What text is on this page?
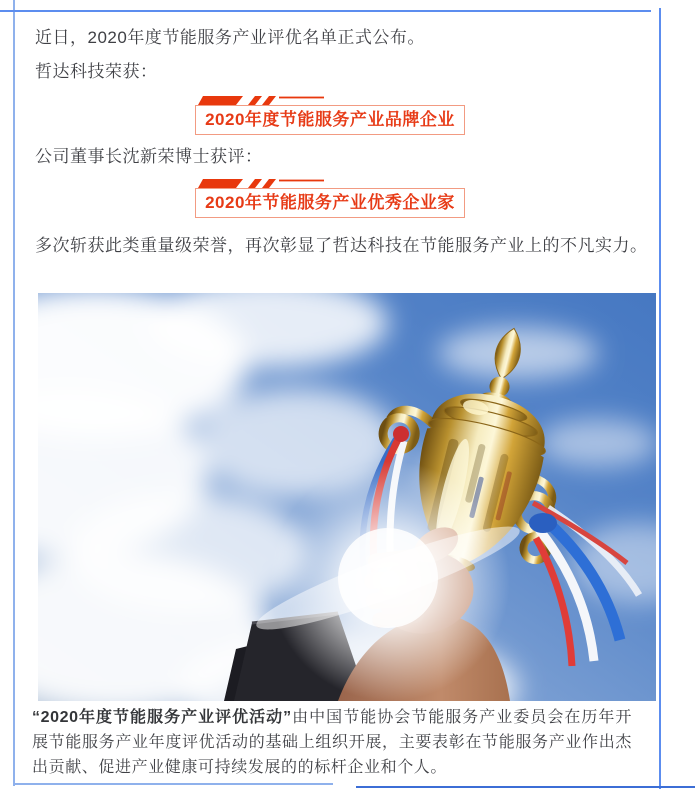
近日，2020年度节能服务产业评优名单正式公布。
哲达科技荣获：
2020年度节能服务产业品牌企业
公司董事长沈新荣博士获评：
2020年节能服务产业优秀企业家
多次斩获此类重量级荣誉，再次彰显了哲达科技在节能服务产业上的不凡实力。
“2020年度节能服务产业评优活动”由中国节能协会节能服务产业委员会在历年开展节能服务产业年度评优活动的基础上组织开展，主要表彰在节能服务产业作出杰出贡献、促进产业健康可持续发展的的标杆企业和个人。
